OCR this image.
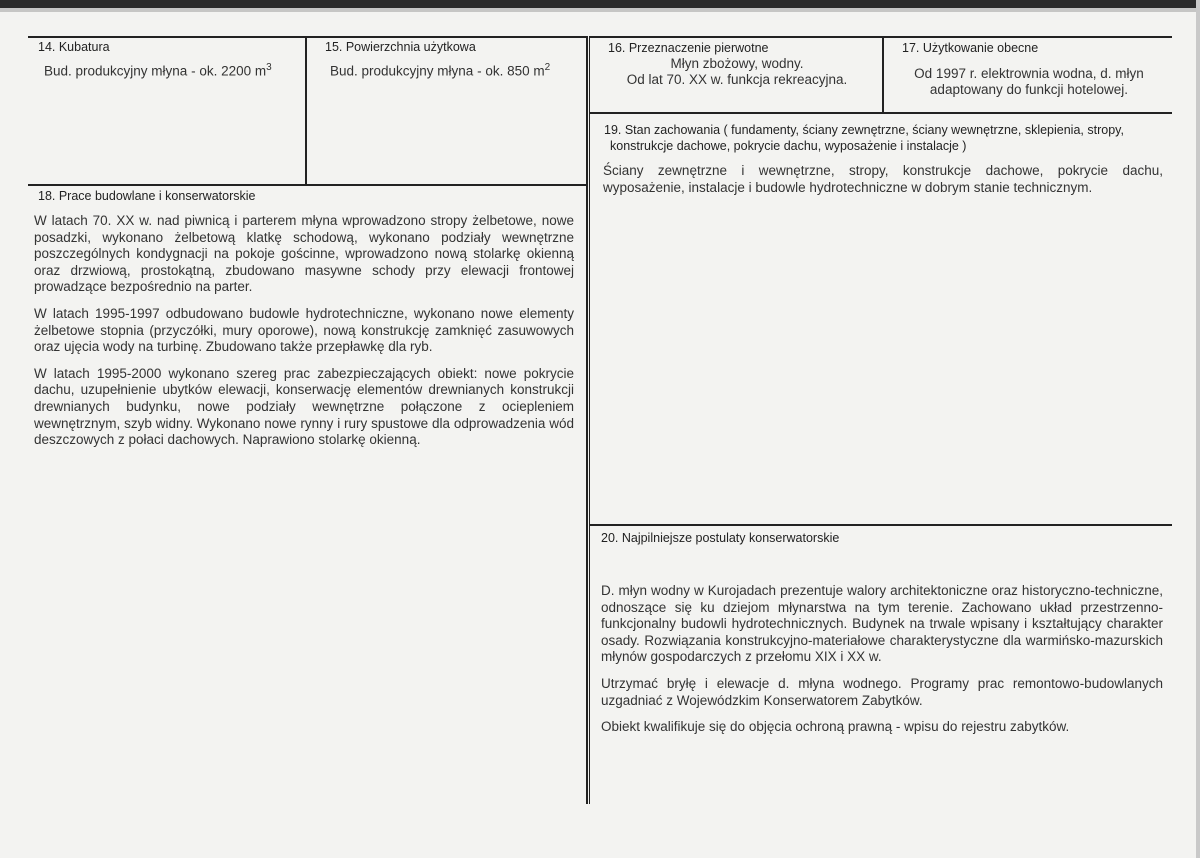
14. Kubatura
Bud. produkcyjny młyna - ok. 2200 $m^3$
15. Powierzchnia użytkowa
Bud. produkcyjny młyna - ok. 850 $m^2$
16. Przeznaczenie pierwotne
Młyn zbożowy, wodny.
Od lat 70. XX w. funkcja rekreacyjna.
17. Użytkowanie obecne
Od 1997 r. elektrownia wodna, d. młyn
adaptowany do funkcji hotelowej.
18. Prace budowlane i konserwatorskie

W latach 70. XX w. nad piwnicą i parterem młyna wprowadzono stropy żelbetowe, nowe posadzki, wykonano żelbetową klatkę schodową, wykonano podziały wewnętrzne poszczególnych kondygnacji na pokoje gościnne, wprowadzono nową stolarkę okienną oraz drzwiową, prostokątną, zbudowano masywne schody przy elewacji frontowej prowadzące bezpośrednio na parter.

W latach 1995-1997 odbudowano budowle hydrotechniczne, wykonano nowe elementy żelbetowe stopnia (przyczółki, mury oporowe), nową konstrukcję zamknięć zasuwowych oraz ujęcia wody na turbinę. Zbudowano także przepławkę dla ryb.

W latach 1995-2000 wykonano szereg prac zabezpieczających obiekt: nowe pokrycie dachu, uzupełnienie ubytków elewacji, konserwację elementów drewnianych konstrukcji drewnianych budynku, nowe podziały wewnętrzne połączone z ociepleniem wewnętrznym, szyb widny. Wykonano nowe rynny i rury spustowe dla odprowadzenia wód deszczowych z połaci dachowych. Naprawiono stolarkę okienną.

19. Stan zachowania ( fundamenty, ściany zewnętrzne, ściany wewnętrzne, sklepienia, stropy,
konstrukcje dachowe, pokrycie dachu, wyposażenie i instalacje )

Ściany zewnętrzne i wewnętrzne, stropy, konstrukcje dachowe, pokrycie dachu, wyposażenie, instalacje i budowle hydrotechniczne w dobrym stanie technicznym.

20. Najpilniejsze postulaty konserwatorskie

D. młyn wodny w Kurojadach prezentuje walory architektoniczne oraz historyczno-techniczne, odnoszące się ku dziejom młynarstwa na tym terenie. Zachowano układ przestrzenno-funkcjonalny budowli hydrotechnicznych. Budynek na trwale wpisany i kształtujący charakter osady. Rozwiązania konstrukcyjno-materiałowe charakterystyczne dla warmińsko-mazurskich młynów gospodarczych z przełomu XIX i XX w.

Utrzymać bryłę i elewacje d. młyna wodnego. Programy prac remontowo-budowlanych uzgadniać z Wojewódzkim Konserwatorem Zabytków.

Obiekt kwalifikuje się do objęcia ochroną prawną - wpisu do rejestru zabytków.
